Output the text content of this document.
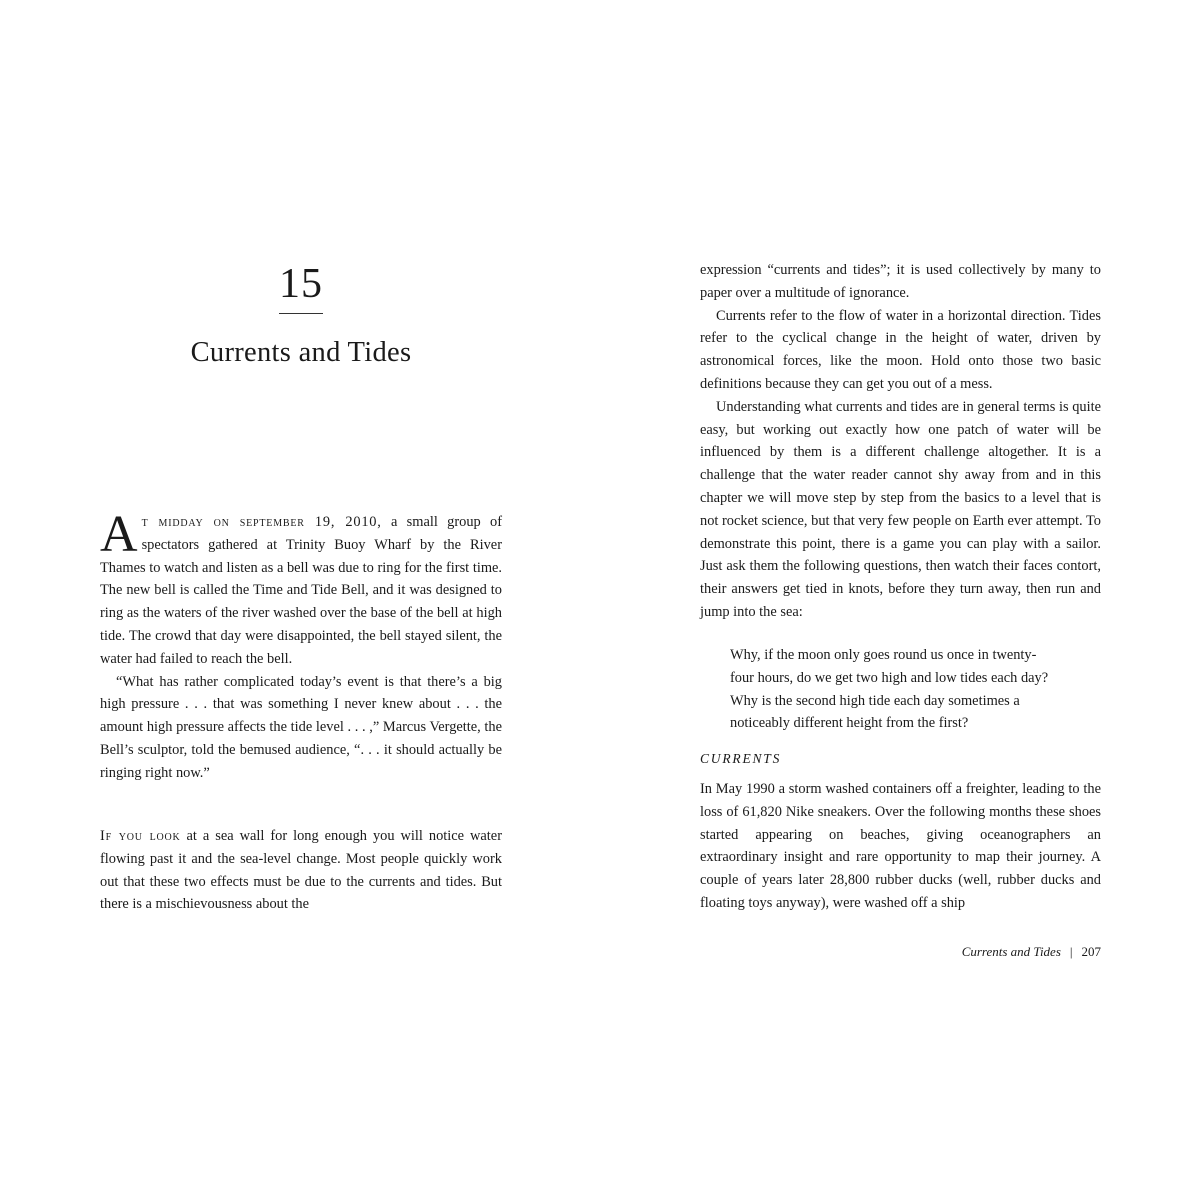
15
Currents and Tides

At midday on september 19, 2010, a small group of spectators gathered at Trinity Buoy Wharf by the River Thames to watch and listen as a bell was due to ring for the first time. The new bell is called the Time and Tide Bell, and it was designed to ring as the waters of the river washed over the base of the bell at high tide. The crowd that day were disappointed, the bell stayed silent, the water had failed to reach the bell.

“What has rather complicated today’s event is that there’s a big high pressure . . . that was something I never knew about . . . the amount high pressure affects the tide level . . . ,” Marcus Vergette, the Bell’s sculptor, told the bemused audience, “. . . it should actually be ringing right now.”

If you look at a sea wall for long enough you will notice water flowing past it and the sea-level change. Most people quickly work out that these two effects must be due to the currents and tides. But there is a mischievousness about the

expression “currents and tides”; it is used collectively by many to paper over a multitude of ignorance.

Currents refer to the flow of water in a horizontal direction. Tides refer to the cyclical change in the height of water, driven by astronomical forces, like the moon. Hold onto those two basic definitions because they can get you out of a mess.

Understanding what currents and tides are in general terms is quite easy, but working out exactly how one patch of water will be influenced by them is a different challenge altogether. It is a challenge that the water reader cannot shy away from and in this chapter we will move step by step from the basics to a level that is not rocket science, but that very few people on Earth ever attempt. To demonstrate this point, there is a game you can play with a sailor. Just ask them the following questions, then watch their faces contort, their answers get tied in knots, before they turn away, then run and jump into the sea:

Why, if the moon only goes round us once in twenty-
four hours, do we get two high and low tides each day?
Why is the second high tide each day sometimes a
noticeably different height from the first?
CURRENTS

In May 1990 a storm washed containers off a freighter, leading to the loss of 61,820 Nike sneakers. Over the following months these shoes started appearing on beaches, giving oceanographers an extraordinary insight and rare opportunity to map their journey. A couple of years later 28,800 rubber ducks (well, rubber ducks and floating toys anyway), were washed off a ship

Currents and Tides | 207
